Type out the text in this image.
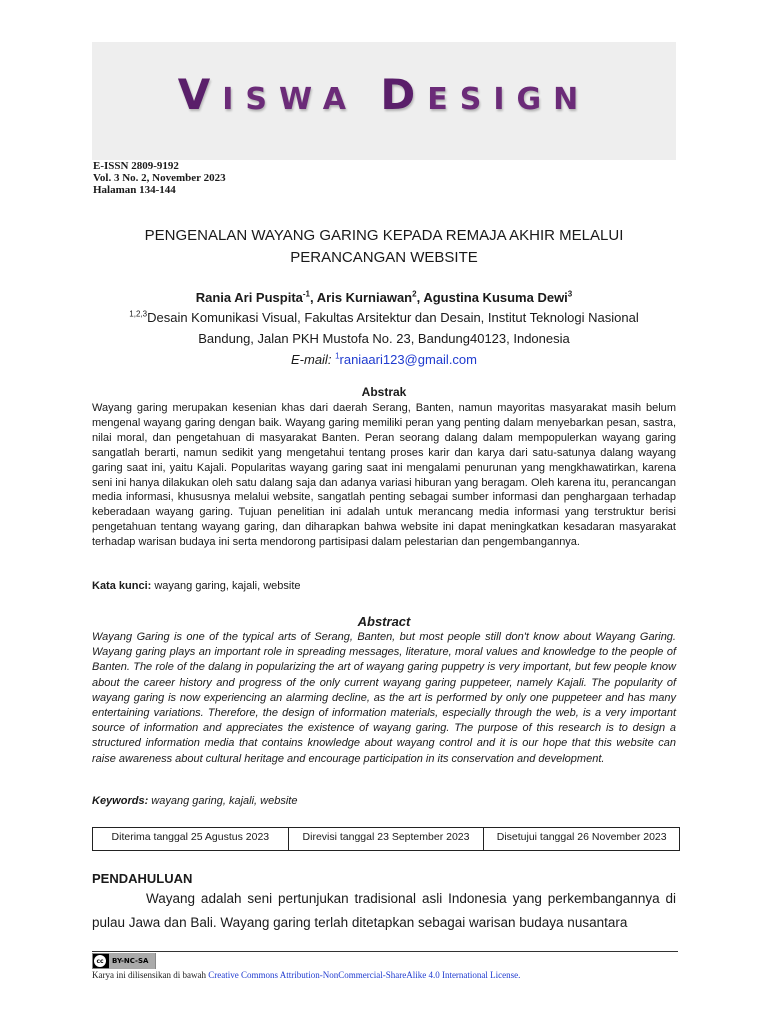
VISWA DESIGN
E-ISSN 2809-9192
Vol. 3 No. 2, November 2023
Halaman 134-144
PENGENALAN WAYANG GARING KEPADA REMAJA AKHIR MELALUI
PERANCANGAN WEBSITE
Rania Ari Puspita$^{-1}$, Aris Kurniawan$^2$, Agustina Kusuma Dewi$^3$
$^{1,2,3}$Desain Komunikasi Visual, Fakultas Arsitektur dan Desain, Institut Teknologi Nasional
Bandung, Jalan PKH Mustofa No. 23, Bandung40123, Indonesia
E-mail: $^1$raniaari123@gmail.com
Abstrak
Wayang garing merupakan kesenian khas dari daerah Serang, Banten, namun mayoritas masyarakat masih belum mengenal wayang garing dengan baik. Wayang garing memiliki peran yang penting dalam menyebarkan pesan, sastra, nilai moral, dan pengetahuan di masyarakat Banten. Peran seorang dalang dalam mempopulerkan wayang garing sangatlah berarti, namun sedikit yang mengetahui tentang proses karir dan karya dari satu-satunya dalang wayang garing saat ini, yaitu Kajali. Popularitas wayang garing saat ini mengalami penurunan yang mengkhawatirkan, karena seni ini hanya dilakukan oleh satu dalang saja dan adanya variasi hiburan yang beragam. Oleh karena itu, perancangan media informasi, khususnya melalui website, sangatlah penting sebagai sumber informasi dan penghargaan terhadap keberadaan wayang garing. Tujuan penelitian ini adalah untuk merancang media informasi yang terstruktur berisi pengetahuan tentang wayang garing, dan diharapkan bahwa website ini dapat meningkatkan kesadaran masyarakat terhadap warisan budaya ini serta mendorong partisipasi dalam pelestarian dan pengembangannya.
Kata kunci: wayang garing, kajali, website
Abstract
Wayang Garing is one of the typical arts of Serang, Banten, but most people still don't know about Wayang Garing. Wayang garing plays an important role in spreading messages, literature, moral values and knowledge to the people of Banten. The role of the dalang in popularizing the art of wayang garing puppetry is very important, but few people know about the career history and progress of the only current wayang garing puppeteer, namely Kajali. The popularity of wayang garing is now experiencing an alarming decline, as the art is performed by only one puppeteer and has many entertaining variations. Therefore, the design of information materials, especially through the web, is a very important source of information and appreciates the existence of wayang garing. The purpose of this research is to design a structured information media that contains knowledge about wayang control and it is our hope that this website can raise awareness about cultural heritage and encourage participation in its conservation and development.
Keywords: wayang garing, kajali, website
Diterima tanggal 25 Agustus 2023	Direvisi tanggal 23 September 2023	Disetujui tanggal 26 November 2023
PENDAHULUAN
Wayang adalah seni pertunjukan tradisional asli Indonesia yang perkembangannya di pulau Jawa dan Bali. Wayang garing terlah ditetapkan sebagai warisan budaya nusantara
cc	BY-NC-SA
Karya ini dilisensikan di bawah Creative Commons Attribution-NonCommercial-ShareAlike 4.0 International License.
